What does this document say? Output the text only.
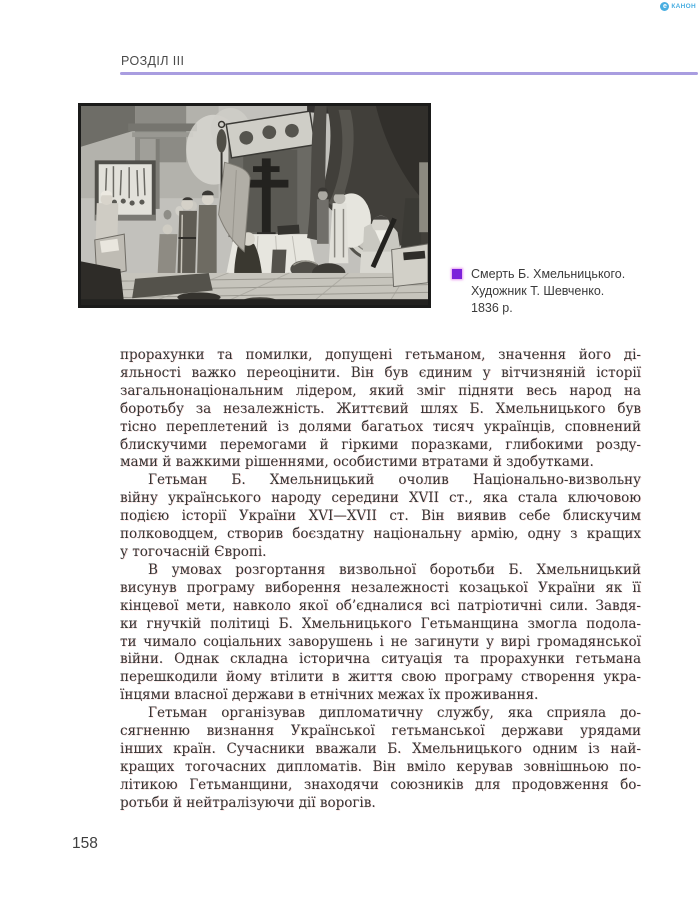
е КАНОН
РОЗДІЛ III
Смерть Б. Хмельницького.
Художник Т. Шевченко.
1836 р.

прорахунки та помилки, допущені гетьманом, значення його ді-
яльності важко переоцінити. Він був єдиним у вітчизняній історії
загальнонаціональним лідером, який зміг підняти весь народ на
боротьбу за незалежність. Життєвий шлях Б. Хмельницького був
тісно переплетений із долями багатьох тисяч українців, сповнений
блискучими перемогами й гіркими поразками, глибокими розду-
мами й важкими рішеннями, особистими втратами й здобутками.

Гетьман Б. Хмельницький очолив Національно-визвольну
війну українського народу середини XVII ст., яка стала ключовою
подією історії України XVI—XVII ст. Він виявив себе блискучим
полководцем, створив боєздатну національну армію, одну з кращих
у тогочасній Європі.

В умовах розгортання визвольної боротьби Б. Хмельницький
висунув програму виборення незалежності козацької України як її
кінцевої мети, навколо якої об’єдналися всі патріотичні сили. Завдя-
ки гнучкій політиці Б. Хмельницького Гетьманщина змогла подола-
ти чимало соціальних заворушень і не загинути у вирі громадянської
війни. Однак складна історична ситуація та прорахунки гетьмана
перешкодили йому втілити в життя свою програму створення укра-
їнцями власної держави в етнічних межах їх проживання.

Гетьман організував дипломатичну службу, яка сприяла до-
сягненню визнання Української гетьманської держави урядами
інших країн. Сучасники вважали Б. Хмельницького одним із най-
кращих тогочасних дипломатів. Він вміло керував зовнішньою по-
літикою Гетьманщини, знаходячи союзників для продовження бо-
ротьби й нейтралізуючи дії ворогів.

158
